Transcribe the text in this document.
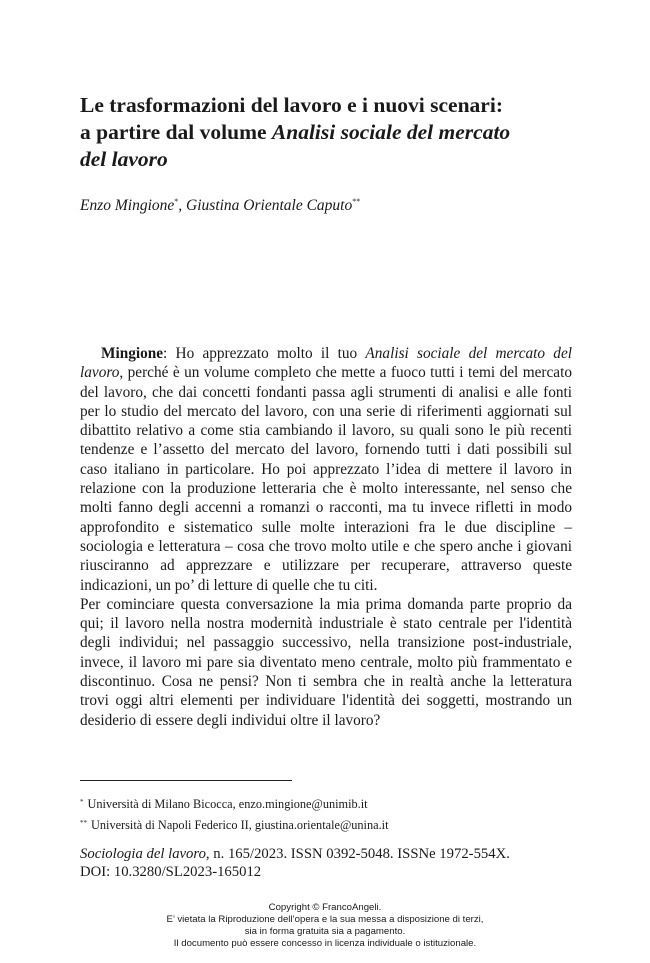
Le trasformazioni del lavoro e i nuovi scenari:
a partire dal volume Analisi sociale del mercato
del lavoro
Enzo Mingione*, Giustina Orientale Caputo**

Mingione: Ho apprezzato molto il tuo Analisi sociale del mercato del lavoro, perché è un volume completo che mette a fuoco tutti i temi del mercato del lavoro, che dai concetti fondanti passa agli strumenti di analisi e alle fonti per lo studio del mercato del lavoro, con una serie di riferimenti aggiornati sul dibattito relativo a come stia cambiando il lavoro, su quali sono le più recenti tendenze e l’assetto del mercato del lavoro, fornendo tutti i dati possibili sul caso italiano in particolare. Ho poi apprezzato l’idea di mettere il lavoro in relazione con la produzione letteraria che è molto interessante, nel senso che molti fanno degli accenni a romanzi o racconti, ma tu invece rifletti in modo approfondito e sistematico sulle molte interazioni fra le due discipline – sociologia e letteratura – cosa che trovo molto utile e che spero anche i giovani riusciranno ad apprezzare e utilizzare per recuperare, attraverso queste indicazioni, un po’ di letture di quelle che tu citi.

Per cominciare questa conversazione la mia prima domanda parte proprio da qui; il lavoro nella nostra modernità industriale è stato centrale per l'identità degli individui; nel passaggio successivo, nella transizione post-industriale, invece, il lavoro mi pare sia diventato meno centrale, molto più frammentato e discontinuo. Cosa ne pensi? Non ti sembra che in realtà anche la letteratura trovi oggi altri elementi per individuare l'identità dei soggetti, mostrando un desiderio di essere degli individui oltre il lavoro?

* Università di Milano Bicocca, enzo.mingione@unimib.it
** Università di Napoli Federico II, giustina.orientale@unina.it
Sociologia del lavoro, n. 165/2023. ISSN 0392-5048. ISSNe 1972-554X.
DOI: 10.3280/SL2023-165012
Copyright © FrancoAngeli.
E’ vietata la Riproduzione dell’opera e la sua messa a disposizione di terzi,
sia in forma gratuita sia a pagamento.
Il documento può essere concesso in licenza individuale o istituzionale.
